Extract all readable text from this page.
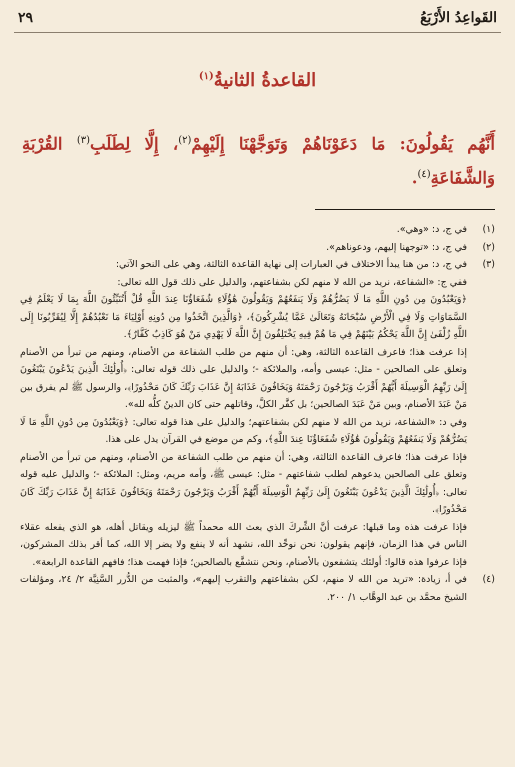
القَواعِدُ الأَرْبَعُ
٢٩
القاعدةُ الثانيةُ$^{(١)}$
أَنَّهُم يَقُولُونَ: مَا دَعَوْنَاهُمْ وَتَوَجَّهْنَا إِلَيْهِمْ$^{(٢)}$، إِلَّا لِطَلَبِ$^{(٣)}$ القُرْبَةِ وَالشَّفَاعَةِ$^{(٤)}$.
(١)
في ج، د: «وهي».
(٢)
في ج، د: «توجهنا إليهم، ودعوناهم».
(٣)

في ج، د: من هنا يبدأ الاختلاف في العبارات إلى نهاية القاعدة الثالثة، وهي على النحو الآتي:

ففي ج: «الشفاعة، نريد من الله لا منهم لكن بشفاعتهم، والدليل على ذلك قول الله تعالى:

﴿وَيَعْبُدُونَ مِن دُونِ اللَّهِ مَا لَا يَضُرُّهُمْ وَلَا يَنفَعُهُمْ وَيَقُولُونَ هَٰؤُلَاءِ شُفَعَاؤُنَا عِندَ اللَّهِ قُلْ أَتُنَبِّئُونَ اللَّهَ بِمَا لَا يَعْلَمُ فِي السَّمَاوَاتِ وَلَا فِي الْأَرْضِ سُبْحَانَهُ وَتَعَالَىٰ عَمَّا يُشْرِكُونَ﴾، ﴿وَالَّذِينَ اتَّخَذُوا مِن دُونِهِ أَوْلِيَاءَ مَا نَعْبُدُهُمْ إِلَّا لِيُقَرِّبُونَا إِلَى اللَّهِ زُلْفَىٰ إِنَّ اللَّهَ يَحْكُمُ بَيْنَهُمْ فِي مَا هُمْ فِيهِ يَخْتَلِفُونَ إِنَّ اللَّهَ لَا يَهْدِي مَنْ هُوَ كَاذِبٌ كَفَّارٌ﴾.

إذا عرفت هذا؛ فاعرف القاعدة الثالثة، وهي: أن منهم من طلب الشفاعة من الأصنام، ومنهم من تبرأ من الأصنام وتعلق على الصالحين - مثل: عيسى وأمه، والملائكة -؛ والدليل على ذلك قوله تعالى: ﴿أُولَٰئِكَ الَّذِينَ يَدْعُونَ يَبْتَغُونَ إِلَىٰ رَبِّهِمُ الْوَسِيلَةَ أَيُّهُمْ أَقْرَبُ وَيَرْجُونَ رَحْمَتَهُ وَيَخَافُونَ عَذَابَهُ إِنَّ عَذَابَ رَبِّكَ كَانَ مَحْذُورًا﴾، والرسول ﷺ لم يفرق بين مَنْ عَبَدَ الأصنام، وبين مَنْ عَبَدَ الصالحين؛ بل كفَّر الكلَّ، وقاتلهم حتى كان الدينُ كلُّه لله».

وفي د: «الشفاعة، نريد من الله لا منهم لكن بشفاعتهم؛ والدليل على هذا قوله تعالى: ﴿وَيَعْبُدُونَ مِن دُونِ اللَّهِ مَا لَا يَضُرُّهُمْ وَلَا يَنفَعُهُمْ وَيَقُولُونَ هَٰؤُلَاءِ شُفَعَاؤُنَا عِندَ اللَّهِ﴾، وكم من موضع في القرآن يدل على هذا.

فإذا عرفت هذا؛ فاعرف القاعدة الثالثة، وهي: أن منهم من طلب الشفاعة من الأصنام، ومنهم من تبرأ من الأصنام وتعلق على الصالحين يدعوهم لطلب شفاعتهم - مثل: عيسى ﷺ، وأمه مريم، ومثل: الملائكة -؛ والدليل عليه قوله تعالى: ﴿أُولَٰئِكَ الَّذِينَ يَدْعُونَ يَبْتَغُونَ إِلَىٰ رَبِّهِمُ الْوَسِيلَةَ أَيُّهُمْ أَقْرَبُ وَيَرْجُونَ رَحْمَتَهُ وَيَخَافُونَ عَذَابَهُ إِنَّ عَذَابَ رَبِّكَ كَانَ مَحْذُورًا﴾.

فإذا عرفت هذه وما قبلها: عرفت أنَّ الشِّركَ الذي بعث الله محمداً ﷺ ليزيله ويقاتل أهله، هو الذي يفعله عقلاء الناس في هذا الزمان، فإنهم يقولون: نحن نوحِّد الله، نشهد أنه لا ينفع ولا يضر إلا الله، كما أقر بذلك المشركون، فإذا عرفوا هذه قالوا: أولئك يتشفعون بالأصنام، ونحن نتشفَّع بالصالحين؛ فإذا فهمت هذا؛ فافهم القاعدة الرابعة».

(٤)
في أ، زيادة: «تريد من الله لا منهم، لكن بشفاعتهم والتقرب إليهم»، والمثبت من الدُّرر السَّنِيَّة ٢/ ٢٤، ومؤلفات الشيخ محمَّد بن عبد الوهَّاب ١/ ٢٠٠.
